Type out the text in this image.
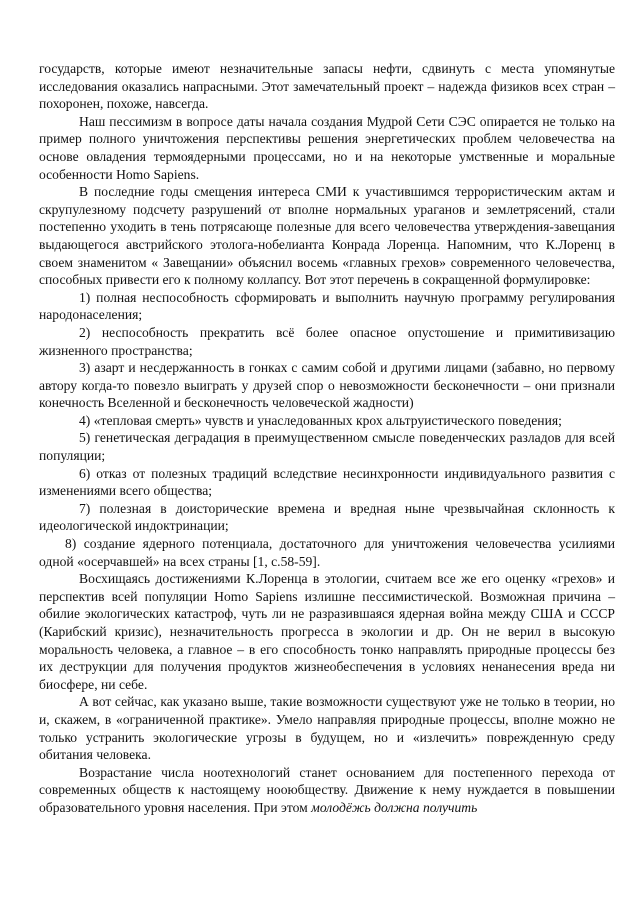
государств, которые имеют незначительные запасы нефти, сдвинуть с места упомянутые исследования оказались напрасными. Этот замечательный проект – надежда физиков всех стран – похоронен, похоже, навсегда.

Наш пессимизм в вопросе даты начала создания Мудрой Сети СЭС опирается не только на пример полного уничтожения перспективы решения энергетических проблем человечества на основе овладения термоядерными процессами, но и на некоторые умственные и моральные особенности Homo Sapiens.

В последние годы смещения интереса СМИ к участившимся террористическим актам и скрупулезному подсчету разрушений от вполне нормальных ураганов и землетрясений, стали постепенно уходить в тень потрясающе полезные для всего человечества утверждения-завещания выдающегося австрийского этолога-нобелианта Конрада Лоренца. Напомним, что К.Лоренц в своем знаменитом « Завещании» объяснил восемь «главных грехов» современного человечества, способных привести его к полному коллапсу. Вот этот перечень в сокращенной формулировке:

1) полная неспособность сформировать и выполнить научную программу регулирования народонаселения;

2) неспособность прекратить всё более опасное опустошение и примитивизацию жизненного пространства;

3) азарт и несдержанность в гонках с самим собой и другими лицами (забавно, но первому автору когда-то повезло выиграть у друзей спор о невозможности бесконечности – они признали конечность Вселенной и бесконечность человеческой жадности)

4) «тепловая смерть» чувств и унаследованных крох альтруистического поведения;

5) генетическая деградация в преимущественном смысле поведенческих разладов для всей популяции;

6) отказ от полезных традиций вследствие несинхронности индивидуального развития с изменениями всего общества;

7) полезная в доисторические времена и вредная ныне чрезвычайная склонность к идеологической индоктринации;

8) создание ядерного потенциала, достаточного для уничтожения человечества усилиями одной «осерчавшей» на всех страны [1, с.58-59].

Восхищаясь достижениями К.Лоренца в этологии, считаем все же его оценку «грехов» и перспектив всей популяции Homo Sapiens излишне пессимистической. Возможная причина – обилие экологических катастроф, чуть ли не разразившаяся ядерная война между США и СССР (Карибский кризис), незначительность прогресса в экологии и др. Он не верил в высокую моральность человека, а главное – в его способность тонко направлять природные процессы без их деструкции для получения продуктов жизнеобеспечения в условиях ненанесения вреда ни биосфере, ни себе.

А вот сейчас, как указано выше, такие возможности существуют уже не только в теории, но и, скажем, в «ограниченной практике». Умело направляя природные процессы, вполне можно не только устранить экологические угрозы в будущем, но и «излечить» поврежденную среду обитания человека.

Возрастание числа ноотехнологий станет основанием для постепенного перехода от современных обществ к настоящему нооюбществу. Движение к нему нуждается в повышении образовательного уровня населения. При этом молодёжь должна получить
